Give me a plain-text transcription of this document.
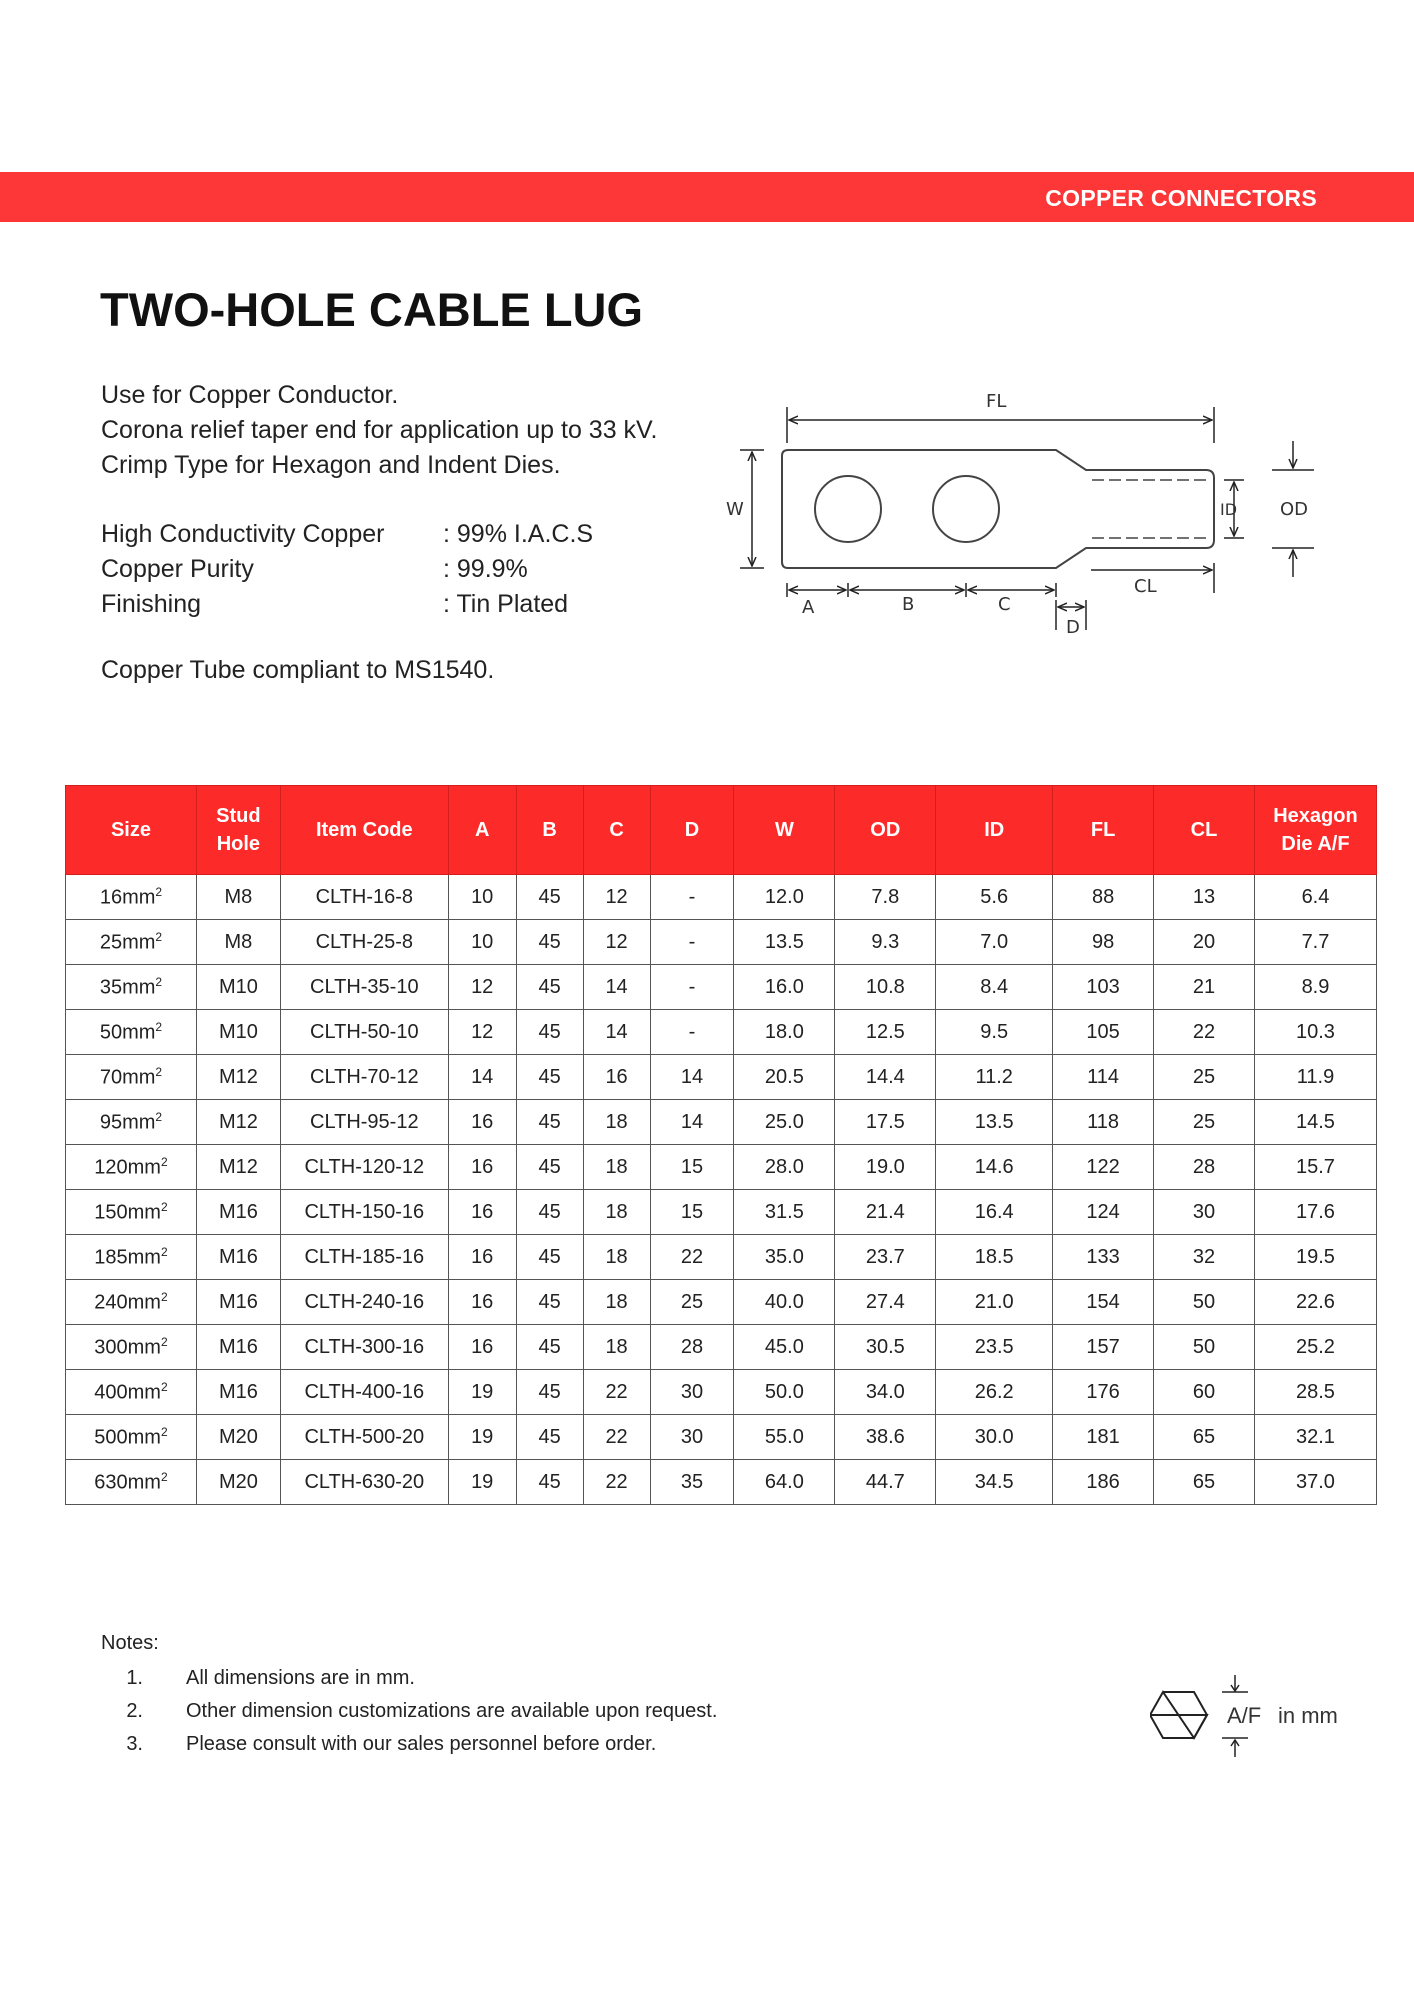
COPPER CONNECTORS
TWO-HOLE CABLE LUG
Use for Copper Conductor.
Corona relief taper end for application up to 33 kV.
Crimp Type for Hexagon and Indent Dies.
High Conductivity Copper	: 99% I.A.C.S
Copper Purity	: 99.9%
Finishing	: Tin Plated
Copper Tube compliant to MS1540.
FL
W	ID OD
CL
A	B	C
D
Size	Stud Hole	Item Code	A	B	C	D	W	OD	ID	FL	CL	Hexagon Die A/F
$16mm^2$	M8	CLTH-16-8	10	45	12	-	12.0	7.8	5.6	88	13	6.4
$25mm^2$	M8	CLTH-25-8	10	45	12	-	13.5	9.3	7.0	98	20	7.7
$35mm^2$	M10	CLTH-35-10	12	45	14	-	16.0	10.8	8.4	103	21	8.9
$50mm^2$	M10	CLTH-50-10	12	45	14	-	18.0	12.5	9.5	105	22	10.3
$70mm^2$	M12	CLTH-70-12	14	45	16	14	20.5	14.4	11.2	114	25	11.9
$95mm^2$	M12	CLTH-95-12	16	45	18	14	25.0	17.5	13.5	118	25	14.5
$120mm^2$	M12	CLTH-120-12	16	45	18	15	28.0	19.0	14.6	122	28	15.7
$150mm^2$	M16	CLTH-150-16	16	45	18	15	31.5	21.4	16.4	124	30	17.6
$185mm^2$	M16	CLTH-185-16	16	45	18	22	35.0	23.7	18.5	133	32	19.5
$240mm^2$	M16	CLTH-240-16	16	45	18	25	40.0	27.4	21.0	154	50	22.6
$300mm^2$	M16	CLTH-300-16	16	45	18	28	45.0	30.5	23.5	157	50	25.2
$400mm^2$	M16	CLTH-400-16	19	45	22	30	50.0	34.0	26.2	176	60	28.5
$500mm^2$	M20	CLTH-500-20	19	45	22	30	55.0	38.6	30.0	181	65	32.1
$630mm^2$	M20	CLTH-630-20	19	45	22	35	64.0	44.7	34.5	186	65	37.0
Notes:
1. All dimensions are in mm.
2. Other dimension customizations are available upon request.
3. Please consult with our sales personnel before order.
A/F in mm
